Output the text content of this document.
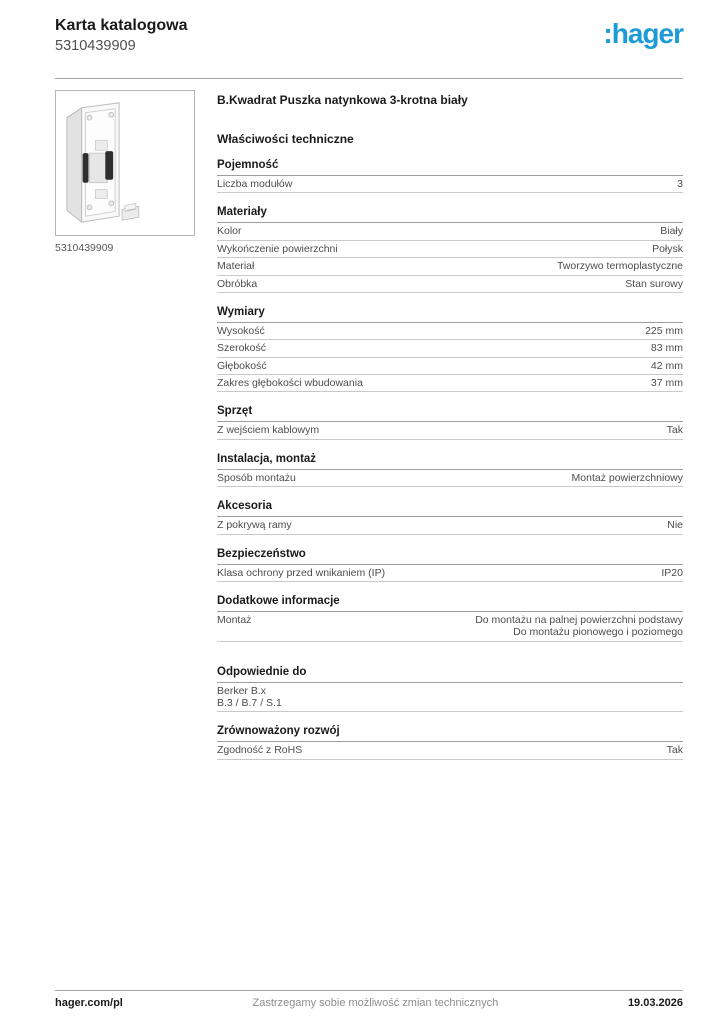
Karta katalogowa
5310439909	:hager
5310439909
B.Kwadrat Puszka natynkowa 3-krotna biały
Właściwości techniczne
Pojemność
Liczba modułów	3
Materiały
Kolor	Biały
Wykończenie powierzchni	Połysk
Materiał	Tworzywo termoplastyczne
Obróbka	Stan surowy
Wymiary
Wysokość	225 mm
Szerokość	83 mm
Głębokość	42 mm
Zakres głębokości wbudowania	37 mm
Sprzęt
Z wejściem kablowym	Tak
Instalacja, montaż
Sposób montażu	Montaż powierzchniowy
Akcesoria
Z pokrywą ramy	Nie
Bezpieczeństwo
Klasa ochrony przed wnikaniem (IP)	IP20
Dodatkowe informacje
Montaż	Do montażu na palnej powierzchni podstawy
Do montażu pionowego i poziomego
Odpowiednie do
Berker B.x
B.3 / B.7 / S.1
Zrównoważony rozwój
Zgodność z RoHS	Tak
hager.com/pl	Zastrzegamy sobie możliwość zmian technicznych	19.03.2026
